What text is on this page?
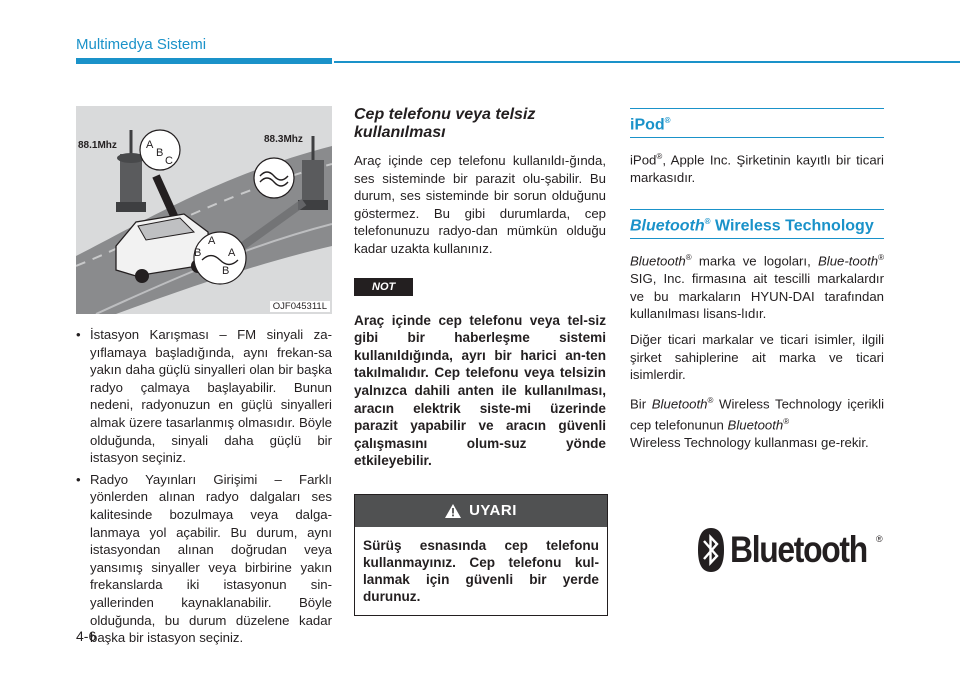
Multimedya Sistemi
88.1Mhz
88.3Mhz
A
B
C
A
B A
B
OJF045311L
• İstasyon Karışması – FM sinyali za-yıflamaya başladığında, aynı frekan-sa yakın daha güçlü sinyalleri olan bir başka radyo çalmaya başlayabilir. Bunun nedeni, radyonuzun en güçlü sinyalleri almak üzere tasarlanmış olmasıdır. Böyle olduğunda, sinyali daha güçlü bir istasyon seçiniz.
• Radyo Yayınları Girişimi – Farklı yönlerden alınan radyo dalgaları ses kalitesinde bozulmaya veya dalga-lanmaya yol açabilir. Bu durum, aynı istasyondan alınan doğrudan veya yansımış sinyaller veya birbirine yakın frekanslarda iki istasyonun sin-yallerinden kaynaklanabilir. Böyle olduğunda, bu durum düzelene kadar başka bir istasyon seçiniz.
Cep telefonu veya telsiz kullanılması

Araç içinde cep telefonu kullanıldı-ğında, ses sisteminde bir parazit olu-şabilir. Bu durum, ses sisteminde bir sorun olduğunu göstermez. Bu gibi durumlarda, cep telefonunuzu radyo-dan mümkün olduğu kadar uzakta kullanınız.

NOT

Araç içinde cep telefonu veya tel-siz gibi bir haberleşme sistemi kullanıldığında, ayrı bir harici an-ten takılmalıdır. Cep telefonu veya telsizin yalnızca dahili anten ile kullanılması, aracın elektrik siste-mi üzerinde parazit yapabilir ve aracın güvenli çalışmasını olum-suz yönde etkileyebilir.

UYARI
Sürüş esnasında cep telefonu kullanmayınız. Cep telefonu kul-lanmak için güvenli bir yerde durunuz.
iPod®

iPod®, Apple Inc. Şirketinin kayıtlı bir ticari markasıdır.

Bluetooth® Wireless Technology

Bluetooth® marka ve logoları, Blue-tooth® SIG, Inc. firmasına ait tescilli markalardır ve bu markaların HYUN-DAI tarafından kullanılması lisans-lıdır.

Diğer ticari markalar ve ticari isimler, ilgili şirket sahiplerine ait marka ve ticari isimlerdir.

Bir Bluetooth® Wireless Technology içerikli cep telefonunun Bluetooth®
Wireless Technology kullanması ge-rekir.

Bluetooth ®
4-6
